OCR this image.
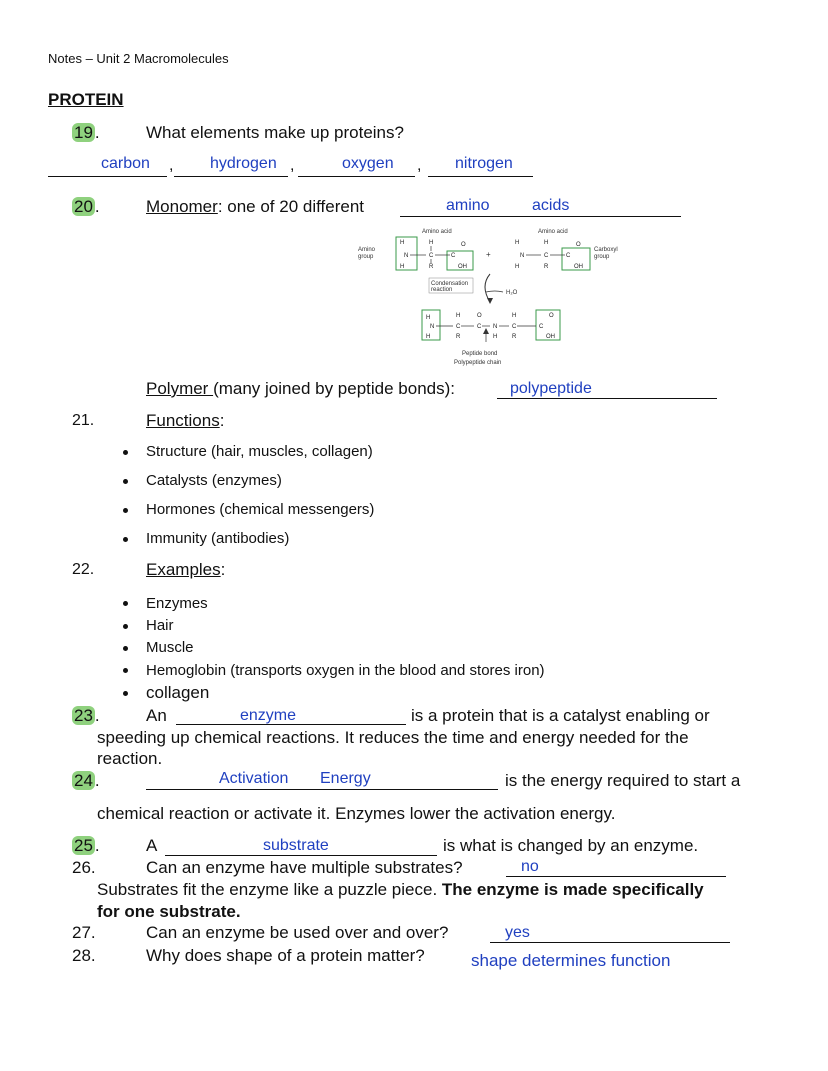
Notes – Unit 2 Macromolecules
PROTEIN
19 .	What elements make up proteins?
carbon , hydrogen ,	oxygen , nitrogen
20 .	Monomer: one of 20 different	amino	acids
Amino acid	Amino acid
Amino
group
Carboxyl
group
H
N
H
H
C
R
C
O
OH
+
H
N
H
H
C
R
C
O
OH
Condensation
reaction	H₂O
H
N
H
H
C
R
O
C N
H
H
C
R
C
O
OH
Peptide bond
Polypeptide chain
Polymer (many joined by peptide bonds):	polypeptide
21.	Functions:
Structure (hair, muscles, collagen)
Catalysts (enzymes)
Hormones (chemical messengers)
Immunity (antibodies)
22.	Examples:
Enzymes
Hair
Muscle
Hemoglobin (transports oxygen in the blood and stores iron)
collagen
23 .	An	enzyme	is a protein that is a catalyst enabling or
speeding up chemical reactions. It reduces the time and energy needed for the
reaction.
24 .	Activation Energy	is the energy required to start a
chemical reaction or activate it. Enzymes lower the activation energy.
25 .	A	substrate	is what is changed by an enzyme.
26.	Can an enzyme have multiple substrates?	no
Substrates fit the enzyme like a puzzle piece. The enzyme is made specifically
for one substrate.
27.	Can an enzyme be used over and over?	yes
28.	Why does shape of a protein matter?	shape determines function
